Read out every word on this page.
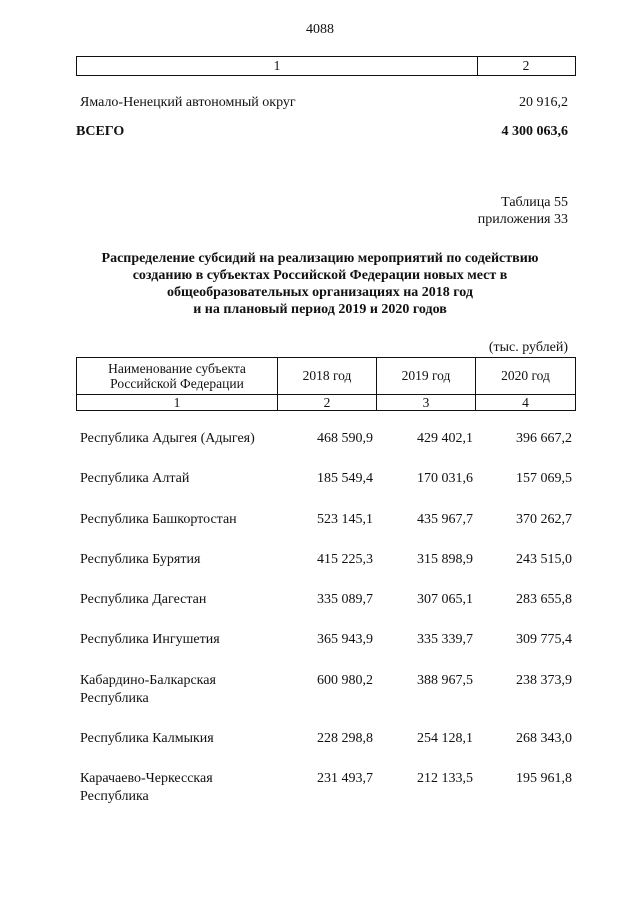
4088
1	2
Ямало-Ненецкий автономный округ	20 916,2
ВСЕГО	4 300 063,6
Таблица 55
приложения 33
Распределение субсидий на реализацию мероприятий по содействию
созданию в субъектах Российской Федерации новых мест в
общеобразовательных организациях на 2018 год
и на плановый период 2019 и 2020 годов
(тыс. рублей)
Наименование субъекта
Российской Федерации
2018 год	2019 год	2020 год
1	2	3	4
Республика Адыгея (Адыгея)	468 590,9	429 402,1	396 667,2
Республика Алтай	185 549,4	170 031,6	157 069,5
Республика Башкортостан	523 145,1	435 967,7	370 262,7
Республика Бурятия	415 225,3	315 898,9	243 515,0
Республика Дагестан	335 089,7	307 065,1	283 655,8
Республика Ингушетия	365 943,9	335 339,7	309 775,4
Кабардино-Балкарская
Республика
600 980,2	388 967,5	238 373,9
Республика Калмыкия	228 298,8	254 128,1	268 343,0
Карачаево-Черкесская
Республика
231 493,7	212 133,5	195 961,8
